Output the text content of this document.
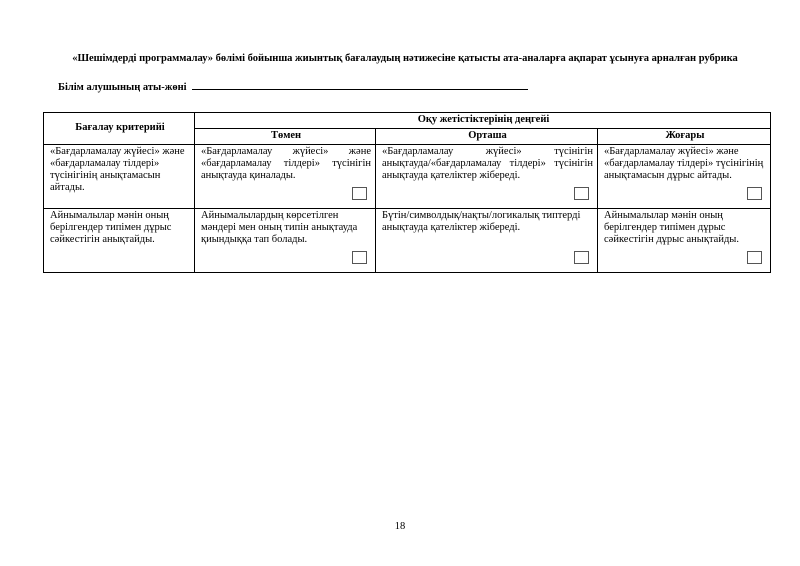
«Шешімдерді программалау» бөлімі бойынша жиынтық бағалаудың нәтижесіне қатысты ата-аналарға ақпарат ұсынуға арналған рубрика
Білім алушының аты-жөні
Бағалау критерийі	Оқу жетістіктерінің деңгейі		
	Төмен	Орташа	Жоғары

«Бағдарламалау жүйесі» және «бағдарламалау тілдері» түсінігінің анықтамасын айтады.	«Бағдарламалау жүйесі» және «бағдарламалау тілдері» түсінігін анықтауда қиналады.	«Бағдарламалау жүйесі» түсінігін анықтауда/«бағдарламалау тілдері» түсінігін анықтауда қателіктер жібереді.	«Бағдарламалау жүйесі» және «бағдарламалау тілдері» түсінігінің анықтамасын дұрыс айтады.

Айнымалылар мәнін оның берілгендер типімен дұрыс сәйкестігін анықтайды.	Айнымалылардың көрсетілген мәндері мен оның типін анықтауда қиындыққа тап болады.	Бүтін/символдық/нақты/логикалық типтерді анықтауда қателіктер жібереді.	Айнымалылар мәнін оның берілгендер типімен дұрыс сәйкестігін дұрыс анықтайды.
18
